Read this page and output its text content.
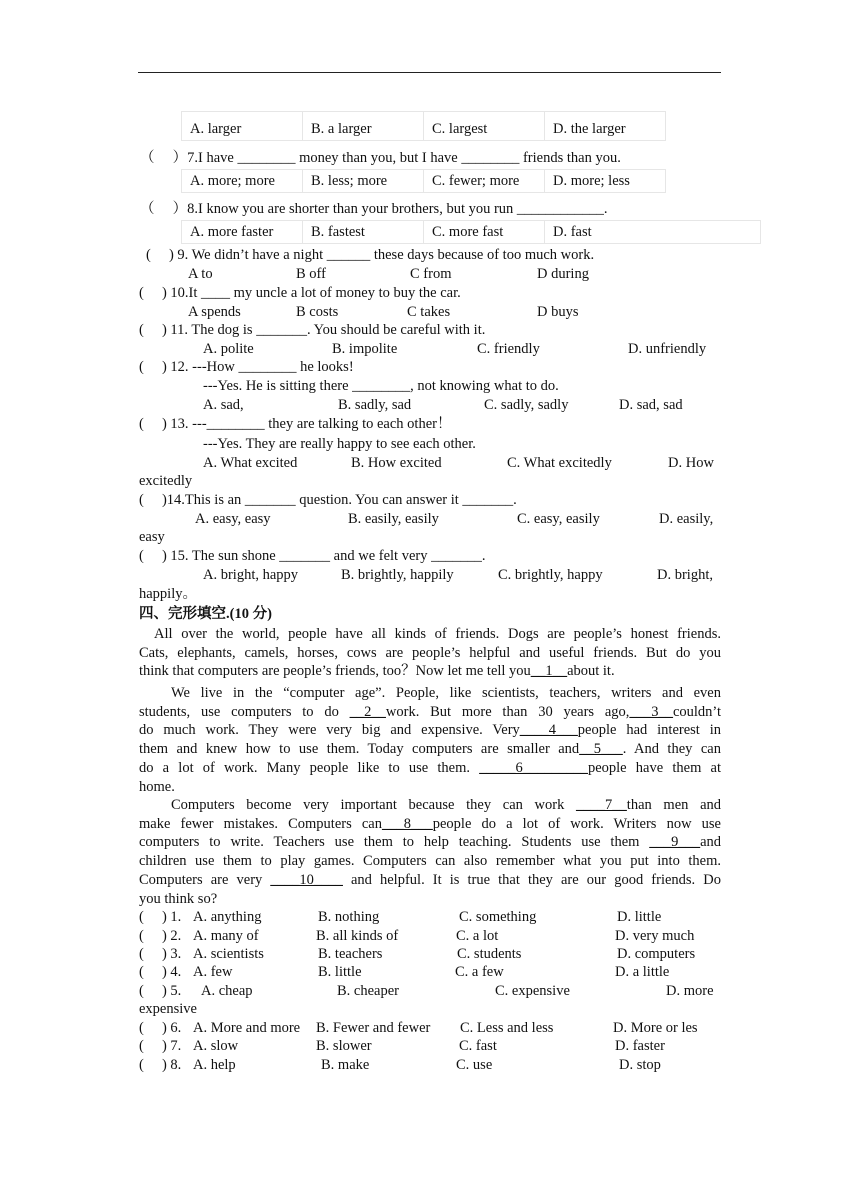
A. larger	B. a larger	C. largest	D. the larger
（　 ）7.I have ________ money than you, but I have ________ friends than you.
A. more; more	B. less; more	C. fewer; more	D. more; less
（　 ）8.I know you are shorter than your brothers, but you run ____________.
A. more faster	B. fastest	C. more fast	D. fast
(　 ) 9. We didn’t have a night ______ these days because of too much work.
A to	B off	C from	D during
(　 ) 10.It ____ my uncle a lot of money to buy the car.
A spends	B costs	C takes	D buys
(　 ) 11. The dog is _______. You should be careful with it.
A. polite	B. impolite	C. friendly	D. unfriendly
(　 ) 12. ---How ________ he looks!
---Yes. He is sitting there ________, not knowing what to do.
A. sad,	B. sadly, sad	C. sadly, sadly	D. sad, sad
(　 ) 13. ---________ they are talking to each other！
---Yes. They are really happy to see each other.
A. What excited	B. How excited	C. What excitedly	D. How
excitedly
(　 )14.This is an _______ question. You can answer it _______.
A. easy, easy	B. easily, easily	C. easy, easily	D. easily,
easy
(　 ) 15. The sun shone _______ and we felt very _______.
A. bright, happy	B. brightly, happily	C. brightly, happy	D. bright,
happily。
四、完形填空.(10 分)
All over the world, people have all kinds of friends. Dogs are people’s honest friends.
Cats, elephants, camels, horses, cows are people’s helpful and useful friends. But do you
think that computers are people’s friends, too？Now let me tell you__1__about it.
We live in the “computer age”. People, like scientists, teachers, writers and even
students, use computers to do __2__work. But more than 30 years ago,___3__couldn’t
do much work. They were very big and expensive. Very____4___people had interest in
them and knew how to use them. Today computers are smaller and__5___. And they can
do a lot of work. Many people like to use them. _____6_________people have them at
home.
Computers become very important because they can work ____7__than men and
make fewer mistakes. Computers can___8___people do a lot of work. Writers now use
computers to write. Teachers use them to help teaching. Students use them ___9___and
children use them to play games. Computers can also remember what you put into them.
Computers are very ____10____ and helpful. It is true that they are our good friends. Do
you think so?
(　 ) 1. A. anything	B. nothing	C. something	D. little
(　 ) 2. A. many of	B. all kinds of	C. a lot	D. very much
(　 ) 3. A. scientists	B. teachers	C. students	D. computers
(　 ) 4. A. few	B. little	C. a few	D. a little
(　 ) 5. A. cheap	B. cheaper	C. expensive	D. more
expensive
(　 ) 6. A. More and more B. Fewer and fewer C. Less and less	D. More or les
(　 ) 7. A. slow	B. slower	C. fast	D. faster
(　 ) 8. A. help	B. make	C. use	D. stop
